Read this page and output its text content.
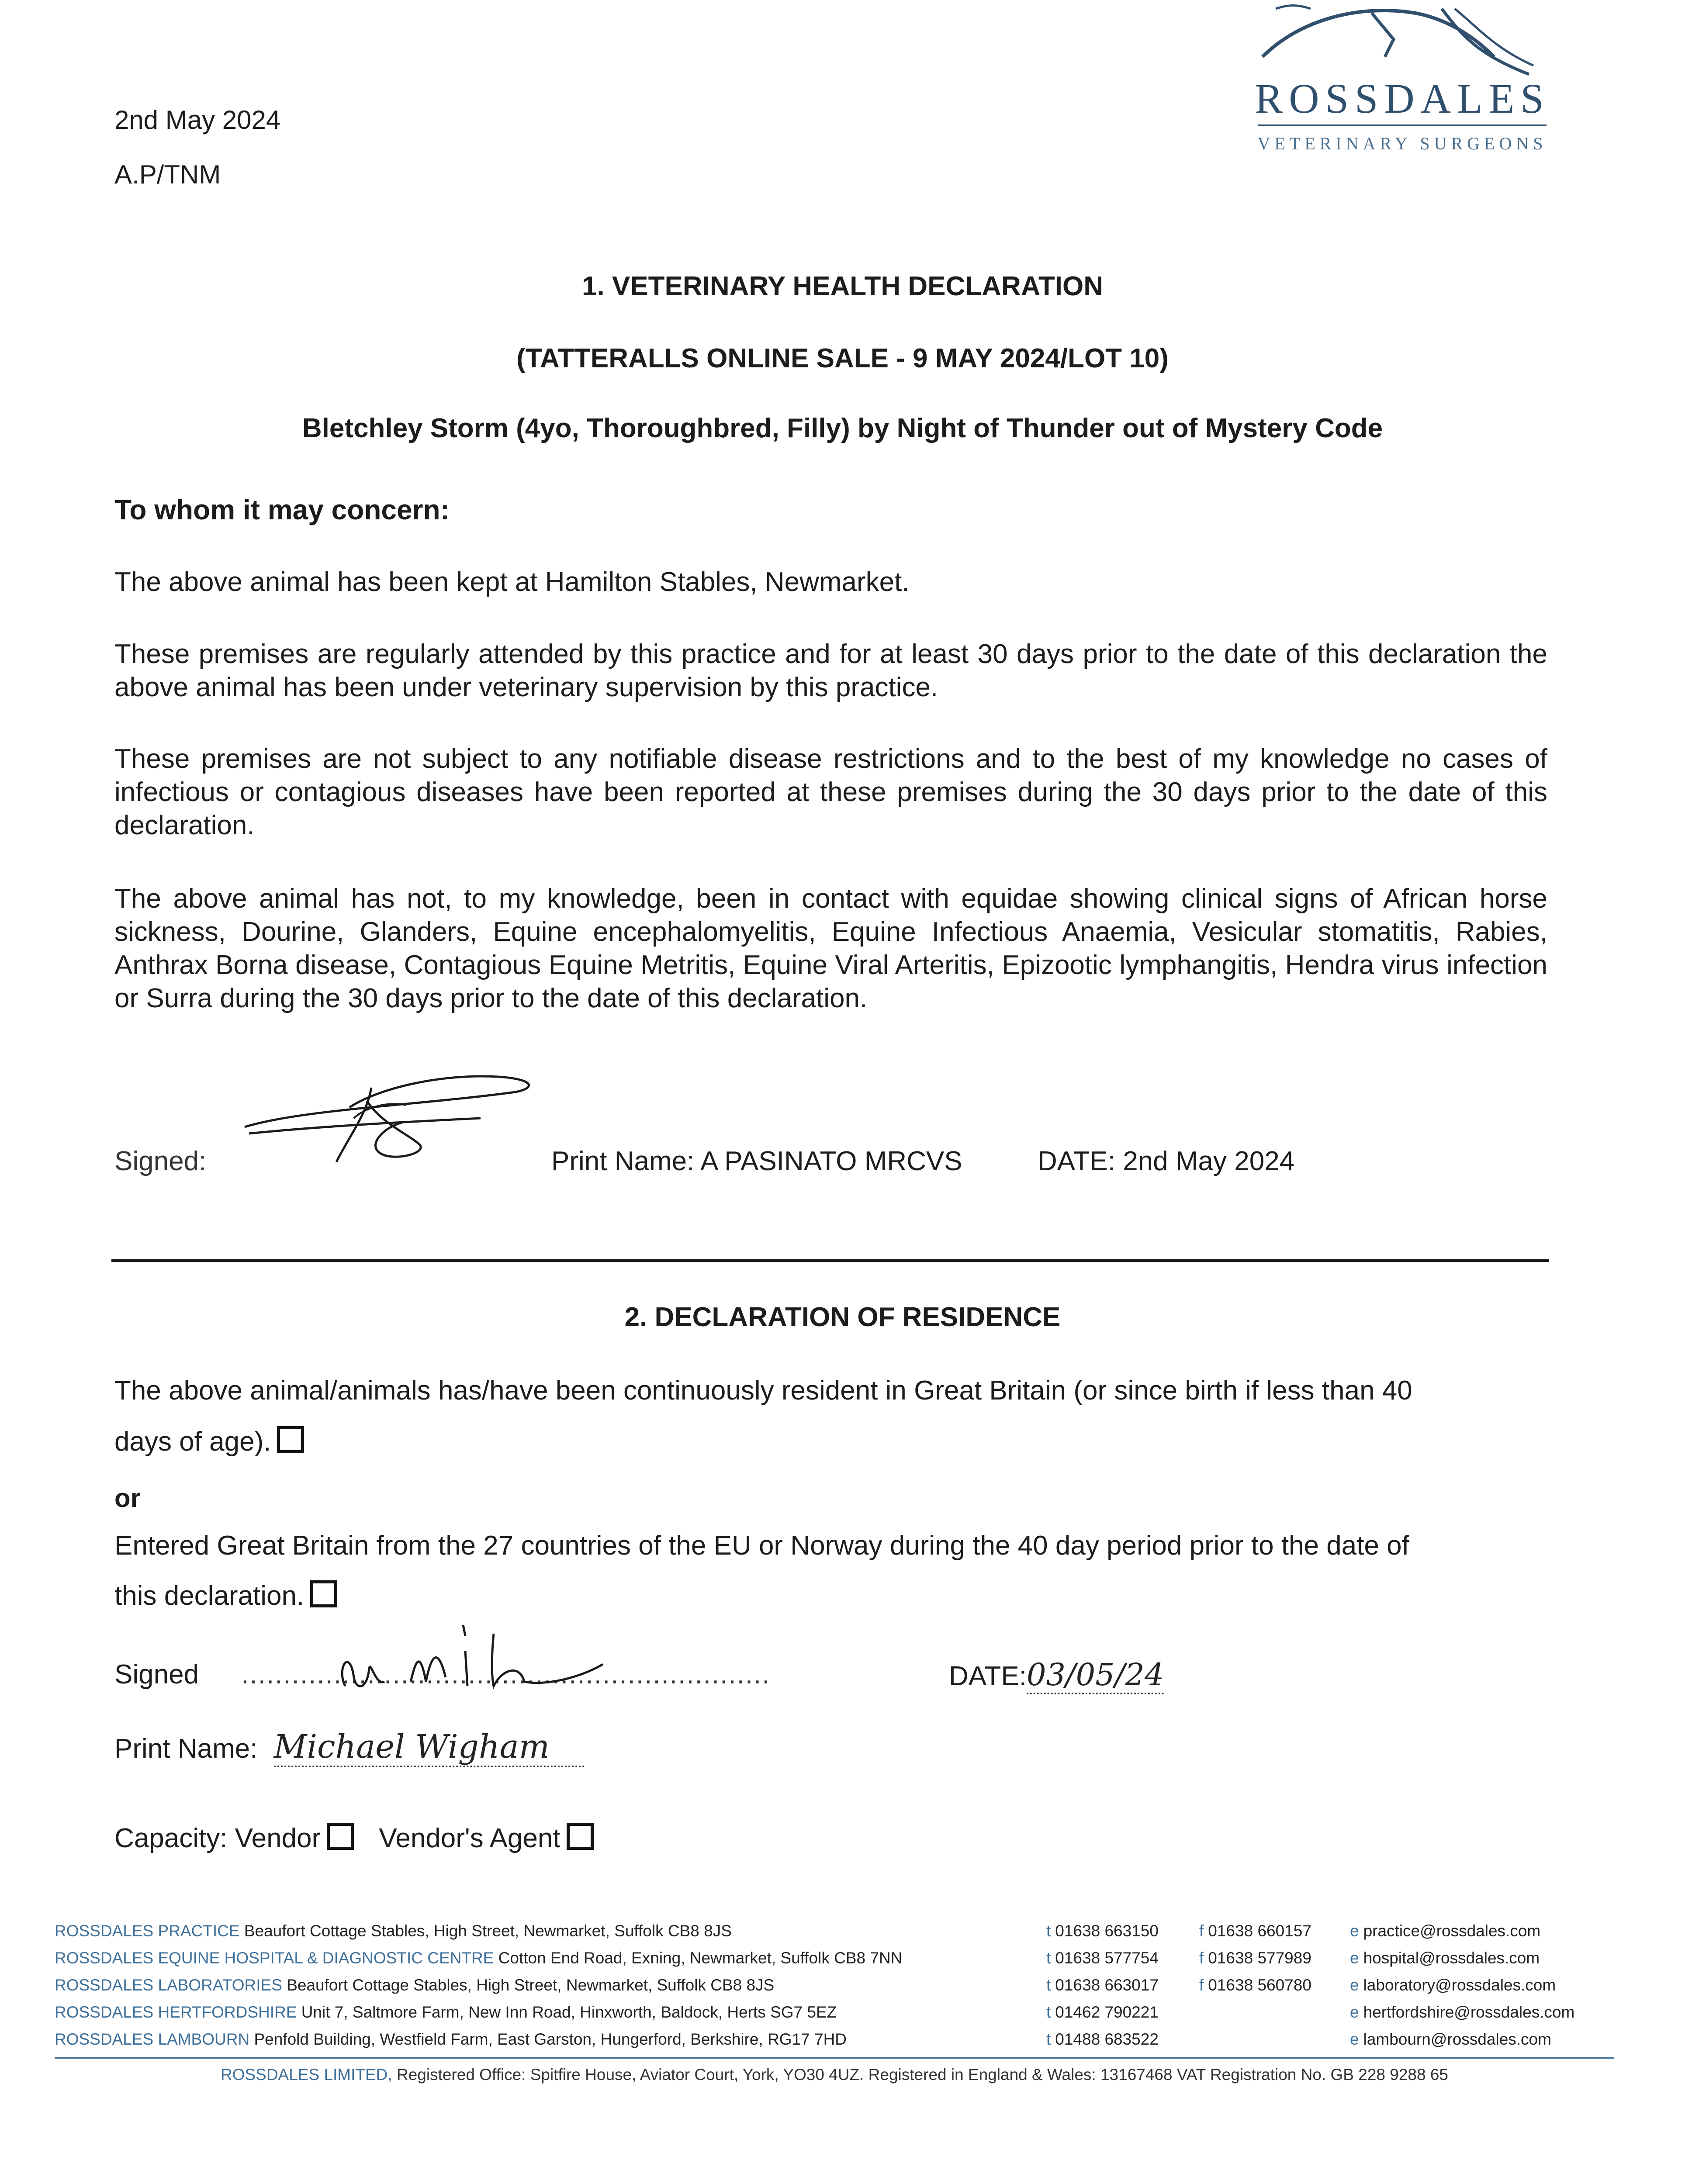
2nd May 2024
A.P/TNM
ROSSDALES
VETERINARY SURGEONS
1. VETERINARY HEALTH DECLARATION
(TATTERALLS ONLINE SALE - 9 MAY 2024/LOT 10)
Bletchley Storm (4yo, Thoroughbred, Filly) by Night of Thunder out of Mystery Code
To whom it may concern:
The above animal has been kept at Hamilton Stables, Newmarket.
These premises are regularly attended by this practice and for at least 30 days prior to the date of this declaration the above animal has been under veterinary supervision by this practice.
These premises are not subject to any notifiable disease restrictions and to the best of my knowledge no cases of infectious or contagious diseases have been reported at these premises during the 30 days prior to the date of this declaration.
The above animal has not, to my knowledge, been in contact with equidae showing clinical signs of African horse sickness, Dourine, Glanders, Equine encephalomyelitis, Equine Infectious Anaemia, Vesicular stomatitis, Rabies, Anthrax Borna disease, Contagious Equine Metritis, Equine Viral Arteritis, Epizootic lymphangitis, Hendra virus infection or Surra during the 30 days prior to the date of this declaration.
Signed:	Print Name: A PASINATO MRCVS	DATE: 2nd May 2024
2. DECLARATION OF RESIDENCE
The above animal/animals has/have been continuously resident in Great Britain (or since birth if less than 40
days of age).
or
Entered Great Britain from the 27 countries of the EU or Norway during the 40 day period prior to the date of
this declaration.
Signed ...............................................................	DATE:03/05/24
Print Name: Michael Wigham
Capacity: Vendor Vendor's Agent
ROSSDALES PRACTICE Beaufort Cottage Stables, High Street, Newmarket, Suffolk CB8 8JS	t 01638 663150	f 01638 660157 e practice@rossdales.com
ROSSDALES EQUINE HOSPITAL & DIAGNOSTIC CENTRE Cotton End Road, Exning, Newmarket, Suffolk CB8 7NN	t 01638 577754	f 01638 577989 e hospital@rossdales.com
ROSSDALES LABORATORIES Beaufort Cottage Stables, High Street, Newmarket, Suffolk CB8 8JS	t 01638 663017	f 01638 560780 e laboratory@rossdales.com
ROSSDALES HERTFORDSHIRE Unit 7, Saltmore Farm, New Inn Road, Hinxworth, Baldock, Herts SG7 5EZ	t 01462 790221	e hertfordshire@rossdales.com
ROSSDALES LAMBOURN Penfold Building, Westfield Farm, East Garston, Hungerford, Berkshire, RG17 7HD	t 01488 683522	e lambourn@rossdales.com
ROSSDALES LIMITED, Registered Office: Spitfire House, Aviator Court, York, YO30 4UZ. Registered in England & Wales: 13167468 VAT Registration No. GB 228 9288 65
